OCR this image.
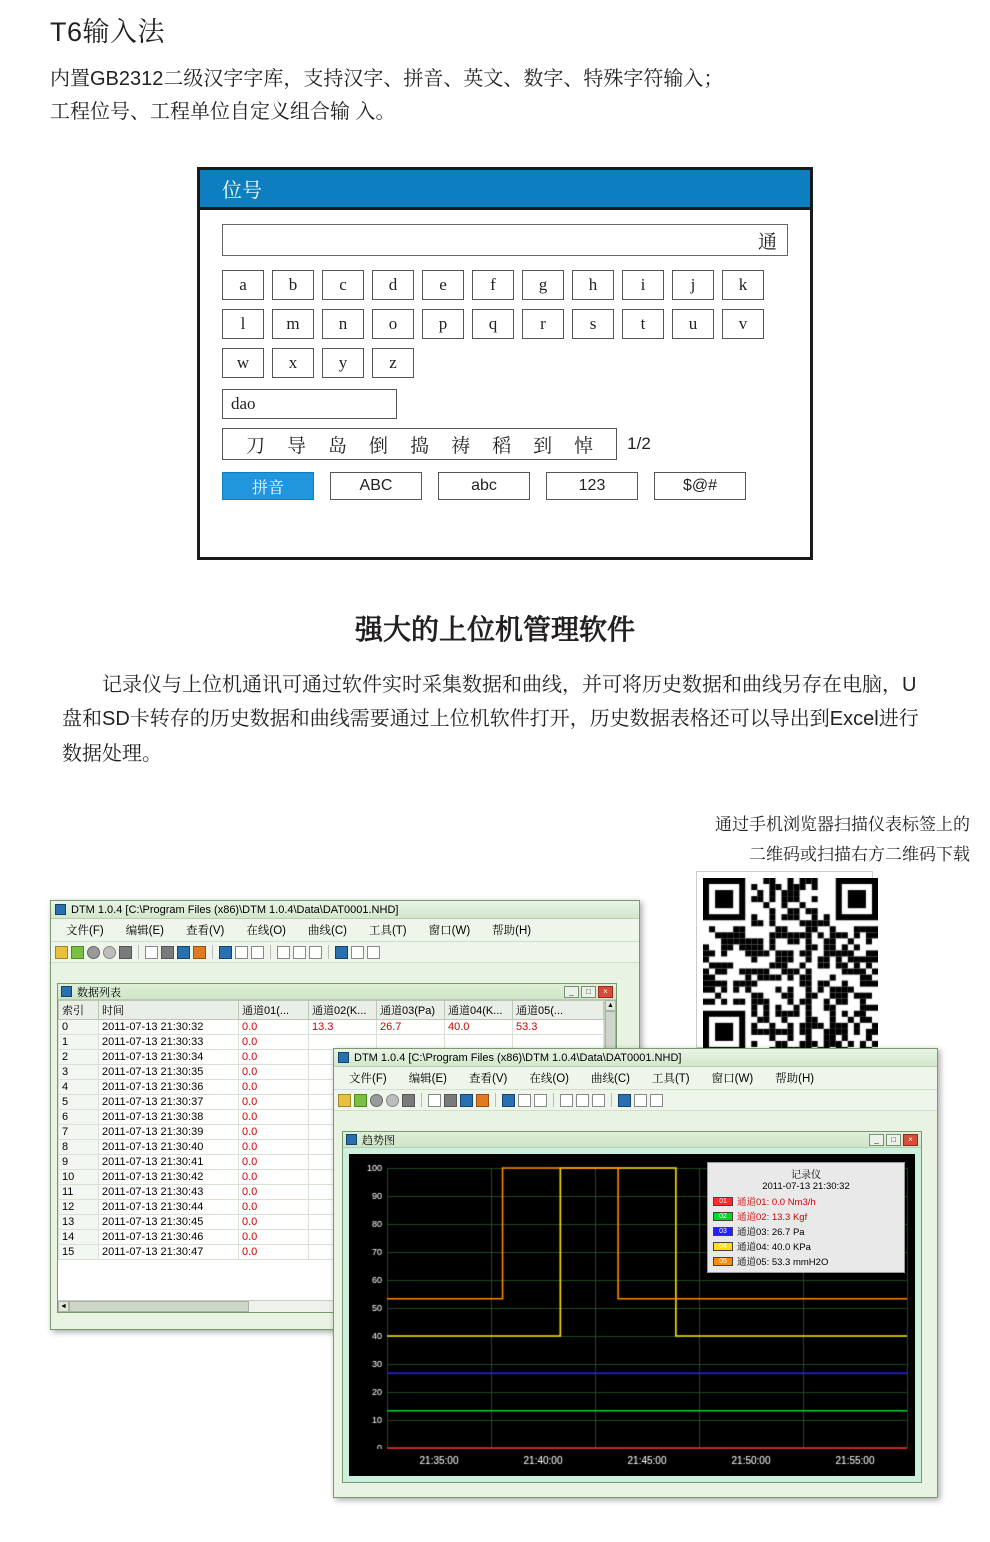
T6输入法
内置GB2312二级汉字字库，支持汉字、拼音、英文、数字、特殊字符输入；
工程位号、工程单位自定义组合输 入。
位号
通
a	b	c	d	e	f	g	h	i	j	k
l	m	n	o	p	q	r	s	t	u	v
w	x	y	z
dao
刀 导 岛 倒 捣 祷 稻 到 悼 1/2
拼音	ABC	abc	123	$@#
强大的上位机管理软件
记录仪与上位机通讯可通过软件实时采集数据和曲线，并可将历史数据和曲线另存在电脑，U盘和SD卡转存的历史数据和曲线需要通过上位机软件打开，历史数据表格还可以导出到Excel进行数据处理。
通过手机浏览器扫描仪表标签上的
二维码或扫描右方二维码下载
DTM 1.0.4 [C:\Program Files (x86)\DTM 1.0.4\Data\DAT0001.NHD]
文件(F)	编辑(E)	查看(V)	在线(O)	曲线(C)	工具(T)	窗口(W)	帮助(H)
数据列表	_	□	×
索引	时间	通道01(...	通道02(K...	通道03(Pa)	通道04(K...	通道05(...
0	2011-07-13 21:30:32	0.0	13.3	26.7	40.0	53.3
1	2011-07-13 21:30:33	0.0				
2	2011-07-13 21:30:34	0.0				
3	2011-07-13 21:30:35	0.0				
4	2011-07-13 21:30:36	0.0				
5	2011-07-13 21:30:37	0.0				
6	2011-07-13 21:30:38	0.0				
7	2011-07-13 21:30:39	0.0				
8	2011-07-13 21:30:40	0.0				
9	2011-07-13 21:30:41	0.0				
10	2011-07-13 21:30:42	0.0				
11	2011-07-13 21:30:43	0.0				
12	2011-07-13 21:30:44	0.0				
13	2011-07-13 21:30:45	0.0				
14	2011-07-13 21:30:46	0.0				
15	2011-07-13 21:30:47	0.0				
▲
◄
DTM 1.0.4 [C:\Program Files (x86)\DTM 1.0.4\Data\DAT0001.NHD]
文件(F)	编辑(E)	查看(V)	在线(O)	曲线(C)	工具(T)	窗口(W)	帮助(H)
趋势图	_	□	×
记录仪
2011-07-13 21:30:32
01	通道01: 0.0 Nm3/h
02	通道02: 13.3 Kgf
03	通道03: 26.7 Pa
04	通道04: 40.0 KPa
05	通道05: 53.3 mmH2O
